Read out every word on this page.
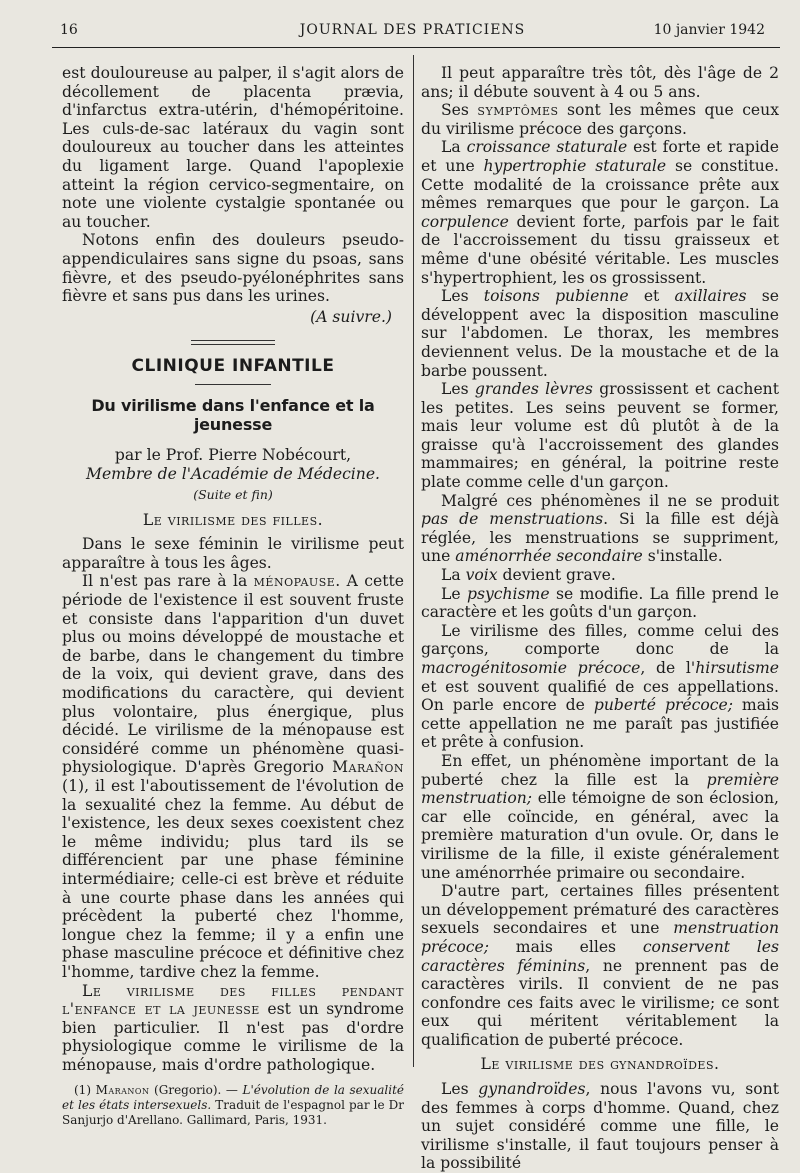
16	JOURNAL DES PRATICIENS	10 janvier 1942

est douloureuse au palper, il s'agit alors de décollement de placenta prævia, d'infarctus extra-utérin, d'hémopéritoine. Les culs-de-sac latéraux du vagin sont douloureux au toucher dans les atteintes du ligament large. Quand l'apoplexie atteint la région cervico-segmentaire, on note une violente cystalgie spontanée ou au toucher.

Notons enfin des douleurs pseudo-appendiculaires sans signe du psoas, sans fièvre, et des pseudo-pyélonéphrites sans fièvre et sans pus dans les urines.

(A suivre.)

CLINIQUE INFANTILE
Du virilisme dans l'enfance et la jeunesse
par le Prof. Pierre Nobécourt,
Membre de l'Académie de Médecine.
(Suite et fin)
Le virilisme des filles.

Dans le sexe féminin le virilisme peut apparaître à tous les âges.

Il n'est pas rare à la ménopause. A cette période de l'existence il est souvent fruste et consiste dans l'apparition d'un duvet plus ou moins développé de moustache et de barbe, dans le changement du timbre de la voix, qui devient grave, dans des modifications du caractère, qui devient plus volontaire, plus énergique, plus décidé. Le virilisme de la ménopause est considéré comme un phénomène quasi-physiologique. D'après Gregorio Marañon (1), il est l'aboutissement de l'évolution de la sexualité chez la femme. Au début de l'existence, les deux sexes coexistent chez le même individu; plus tard ils se différencient par une phase féminine intermédiaire; celle-ci est brève et réduite à une courte phase dans les années qui précèdent la puberté chez l'homme, longue chez la femme; il y a enfin une phase masculine précoce et définitive chez l'homme, tardive chez la femme.

Le virilisme des filles pendant l'enfance et la jeunesse est un syndrome bien particulier. Il n'est pas d'ordre physiologique comme le virilisme de la ménopause, mais d'ordre pathologique.

(1) Maranon (Gregorio). — L'évolution de la sexualité et les états intersexuels. Traduit de l'espagnol par le Dr Sanjurjo d'Arellano. Gallimard, Paris, 1931.

Il peut apparaître très tôt, dès l'âge de 2 ans; il débute souvent à 4 ou 5 ans.

Ses symptômes sont les mêmes que ceux du virilisme précoce des garçons.

La croissance staturale est forte et rapide et une hypertrophie staturale se constitue. Cette modalité de la croissance prête aux mêmes remarques que pour le garçon. La corpulence devient forte, parfois par le fait de l'accroissement du tissu graisseux et même d'une obésité véritable. Les muscles s'hypertrophient, les os grossissent.

Les toisons pubienne et axillaires se développent avec la disposition masculine sur l'abdomen. Le thorax, les membres deviennent velus. De la moustache et de la barbe poussent.

Les grandes lèvres grossissent et cachent les petites. Les seins peuvent se former, mais leur volume est dû plutôt à de la graisse qu'à l'accroissement des glandes mammaires; en général, la poitrine reste plate comme celle d'un garçon.

Malgré ces phénomènes il ne se produit pas de menstruations. Si la fille est déjà réglée, les menstruations se suppriment, une aménorrhée secondaire s'installe.

La voix devient grave.

Le psychisme se modifie. La fille prend le caractère et les goûts d'un garçon.

Le virilisme des filles, comme celui des garçons, comporte donc de la macrogénitosomie précoce, de l'hirsutisme et est souvent qualifié de ces appellations. On parle encore de puberté précoce; mais cette appellation ne me paraît pas justifiée et prête à confusion.

En effet, un phénomène important de la puberté chez la fille est la première menstruation; elle témoigne de son éclosion, car elle coïncide, en général, avec la première maturation d'un ovule. Or, dans le virilisme de la fille, il existe généralement une aménorrhée primaire ou secondaire.

D'autre part, certaines filles présentent un développement prématuré des caractères sexuels secondaires et une menstruation précoce; mais elles conservent les caractères féminins, ne prennent pas de caractères virils. Il convient de ne pas confondre ces faits avec le virilisme; ce sont eux qui méritent véritablement la qualification de puberté précoce.

Le virilisme des gynandroïdes.

Les gynandroïdes, nous l'avons vu, sont des femmes à corps d'homme. Quand, chez un sujet considéré comme une fille, le virilisme s'installe, il faut toujours penser à la possibilité
